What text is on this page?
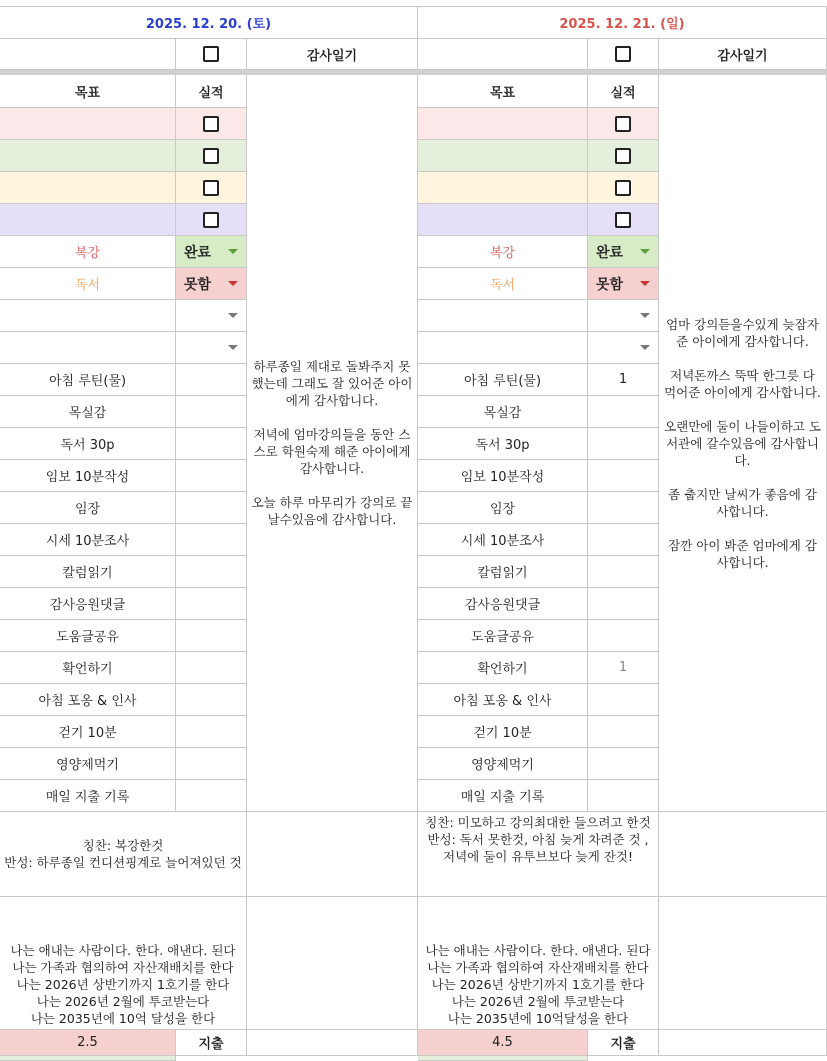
2025. 12. 20. (토)
감사일기
목표	실적
복강	완료
독서	못함
아침 루틴(물)
목실감
독서 30p
임보 10분작성
임장
시세 10분조사
칼럼읽기
감사응원댓글
도움글공유
확언하기
아침 포옹 & 인사
걷기 10분
영양제먹기
매일 지출 기록
하루종일 제대로 돌봐주지 못했는데 그래도 잘 있어준 아이에게 감사합니다.

저녁에 엄마강의들을 동안 스스로 학원숙제 해준 아이에게 감사합니다.

오늘 하루 마무리가 강의로 끝날수있음에 감사합니다.
칭찬: 복강한것
반성: 하루종일 컨디션핑계로 늘어져있던 것
나는 애내는 사람이다. 한다. 애낸다. 된다
나는 가족과 협의하여 자산재배치를 한다
나는 2026년 상반기까지 1호기를 한다
나는 2026년 2월에 투코받는다
나는 2035년에 10억 달성을 한다
2.5	지출
2025. 12. 21. (일)
감사일기
목표	실적
복강	완료
독서	못함
아침 루틴(물)	1
목실감
독서 30p
임보 10분작성
임장
시세 10분조사
칼럼읽기
감사응원댓글
도움글공유
확언하기	1
아침 포옹 & 인사
걷기 10분
영양제먹기
매일 지출 기록
엄마 강의듣을수있게 늦잠자준 아이에게 감사합니다.

저녁돈까스 뚝딱 한그릇 다 먹어준 아이에게 감사합니다.

오랜만에 둘이 나들이하고 도서관에 갈수있음에 감사합니다.

좀 춥지만 날씨가 좋음에 감사합니다.

잠깐 아이 봐준 엄마에게 감사합니다.
칭찬: 미모하고 강의최대한 들으려고 한것
반성: 독서 못한것, 아침 늦게 차려준 것 , 저녁에 둘이 유투브보다 늦게 잔것!
나는 애내는 사람이다. 한다. 애낸다. 된다
나는 가족과 협의하여 자산재배치를 한다
나는 2026년 상반기까지 1호기를 한다
나는 2026년 2월에 투코받는다
나는 2035년에 10억달성을 한다
4.5	지출
